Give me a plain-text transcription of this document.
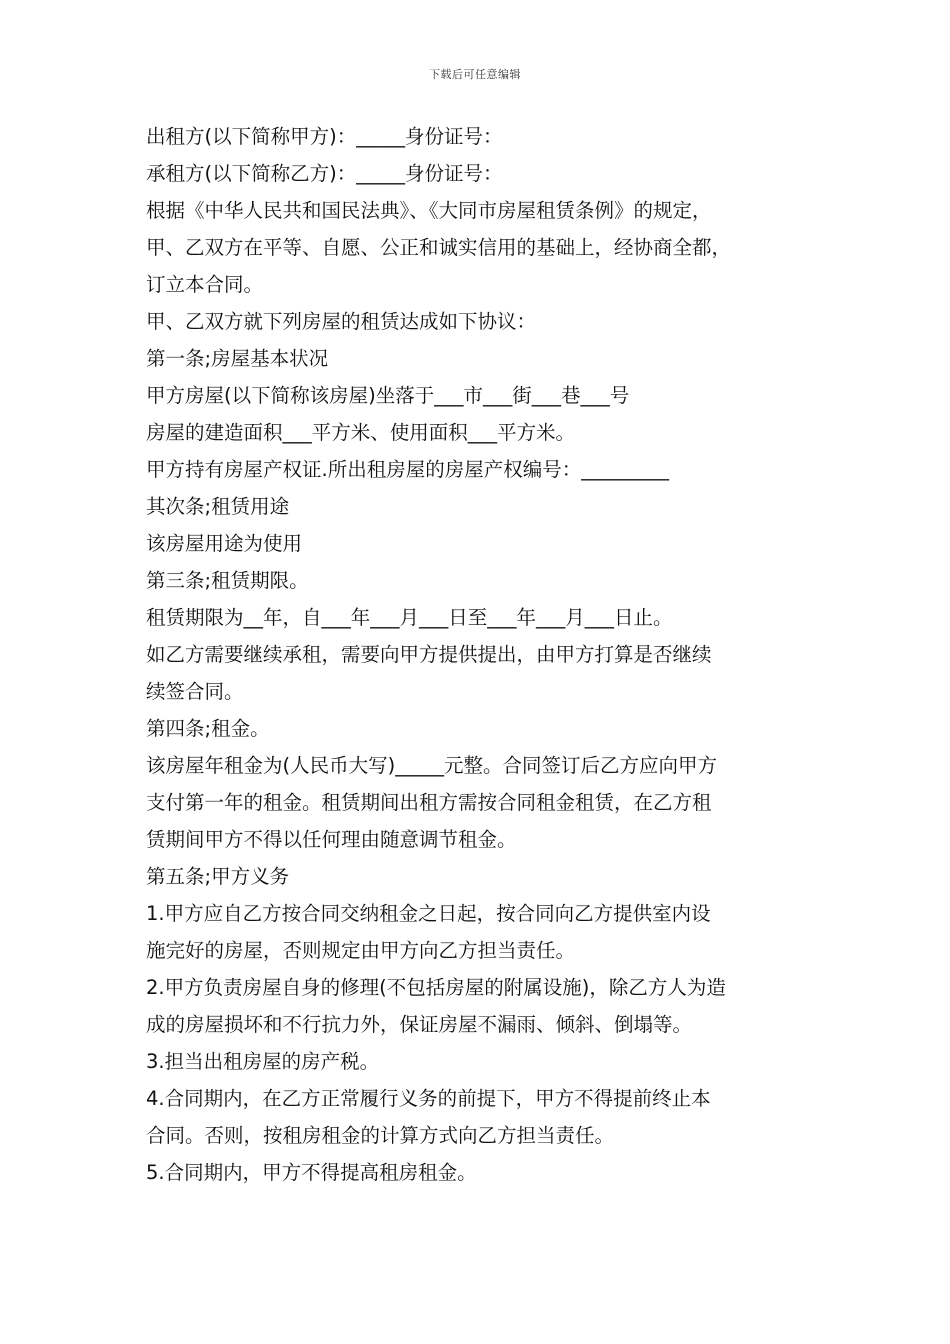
下载后可任意编辑
出租方(以下简称甲方)：_____身份证号：
承租方(以下简称乙方)：_____身份证号：
根据《中华人民共和国民法典》、《大同市房屋租赁条例》的规定，
甲、乙双方在平等、自愿、公正和诚实信用的基础上，经协商全都，
订立本合同。
甲、乙双方就下列房屋的租赁达成如下协议：
第一条;房屋基本状况
甲方房屋(以下简称该房屋)坐落于___市___街___巷___号
房屋的建造面积___平方米、使用面积___平方米。
甲方持有房屋产权证.所出租房屋的房屋产权编号：_________
其次条;租赁用途
该房屋用途为使用
第三条;租赁期限。
租赁期限为__年，自___年___月___日至___年___月___日止。
如乙方需要继续承租，需要向甲方提供提出，由甲方打算是否继续
续签合同。
第四条;租金。
该房屋年租金为(人民币大写)_____元整。合同签订后乙方应向甲方
支付第一年的租金。租赁期间出租方需按合同租金租赁，在乙方租
赁期间甲方不得以任何理由随意调节租金。
第五条;甲方义务
1.甲方应自乙方按合同交纳租金之日起，按合同向乙方提供室内设
施完好的房屋，否则规定由甲方向乙方担当责任。
2.甲方负责房屋自身的修理(不包括房屋的附属设施)，除乙方人为造
成的房屋损坏和不行抗力外，保证房屋不漏雨、倾斜、倒塌等。
3.担当出租房屋的房产税。
4.合同期内，在乙方正常履行义务的前提下，甲方不得提前终止本
合同。否则，按租房租金的计算方式向乙方担当责任。
5.合同期内，甲方不得提高租房租金。
